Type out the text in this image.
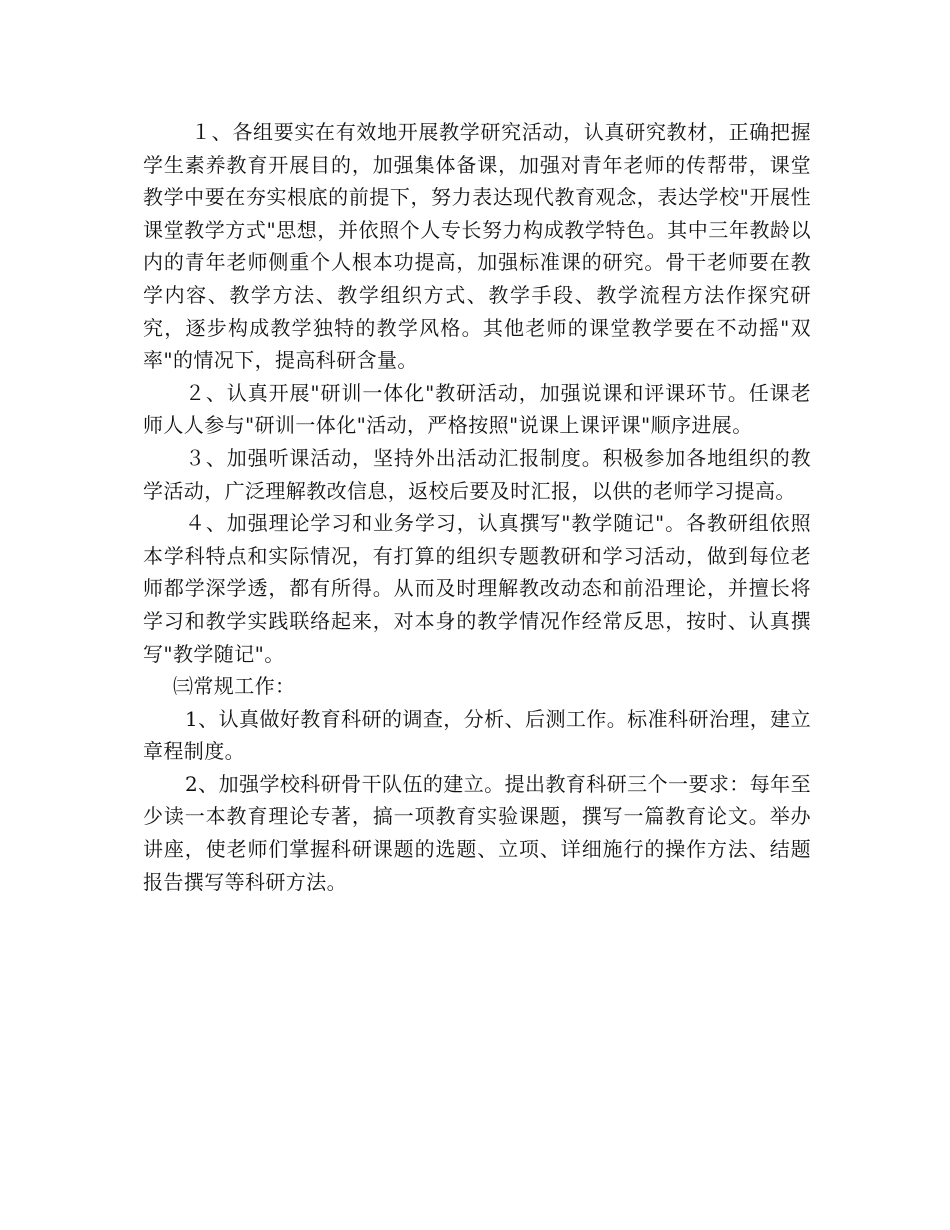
１、各组要实在有效地开展教学研究活动，认真研究教材，正确把握学生素养教育开展目的，加强集体备课，加强对青年老师的传帮带，课堂教学中要在夯实根底的前提下，努力表达现代教育观念，表达学校"开展性课堂教学方式"思想，并依照个人专长努力构成教学特色。其中三年教龄以内的青年老师侧重个人根本功提高，加强标准课的研究。骨干老师要在教学内容、教学方法、教学组织方式、教学手段、教学流程方法作探究研究，逐步构成教学独特的教学风格。其他老师的课堂教学要在不动摇"双率"的情况下，提高科研含量。

２、认真开展"研训一体化"教研活动，加强说课和评课环节。任课老师人人参与"研训一体化"活动，严格按照"说课上课评课"顺序进展。

３、加强听课活动，坚持外出活动汇报制度。积极参加各地组织的教学活动，广泛理解教改信息，返校后要及时汇报，以供的老师学习提高。

４、加强理论学习和业务学习，认真撰写"教学随记"。各教研组依照本学科特点和实际情况，有打算的组织专题教研和学习活动，做到每位老师都学深学透，都有所得。从而及时理解教改动态和前沿理论，并擅长将学习和教学实践联络起来，对本身的教学情况作经常反思，按时、认真撰写"教学随记"。

㈢常规工作：

1、认真做好教育科研的调查，分析、后测工作。标准科研治理，建立章程制度。

2、加强学校科研骨干队伍的建立。提出教育科研三个一要求：每年至少读一本教育理论专著，搞一项教育实验课题，撰写一篇教育论文。举办讲座，使老师们掌握科研课题的选题、立项、详细施行的操作方法、结题报告撰写等科研方法。
